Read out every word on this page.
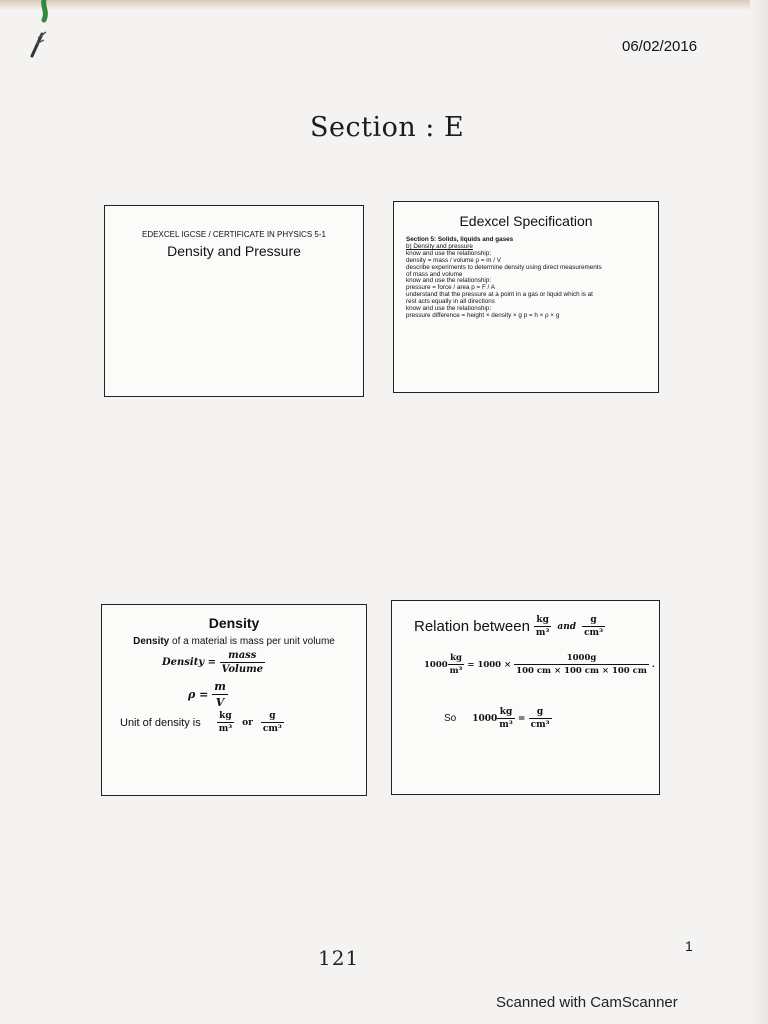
06/02/2016
Section : E
EDEXCEL IGCSE / CERTIFICATE IN PHYSICS 5-1
Density and Pressure
Edexcel Specification
Section 5: Solids, liquids and gases
b) Density and pressure
know and use the relationship:
density = mass / volume ρ = m / V
describe experiments to determine density using direct measurements
of mass and volume
know and use the relationship:
pressure = force / area p = F / A
understand that the pressure at a point in a gas or liquid which is at
rest acts equally in all directions
know and use the relationship:
pressure difference = height × density × g p = h × ρ × g
Density
Density of a material is mass per unit volume
Density =
$\frac{\text{mass}}{\text{Volume}}$
ρ =
$\frac{m}{V}$
Unit of density is $\frac{kg}{\text{m³}}$ or $\frac{g}{\text{cm³}}$
Relation between $\frac{kg}{\text{m³}}$ and $\frac{g}{\text{cm³}}$
$1000 \frac{kg}{\text{m³}}$
= 1000 ×
$\frac{1000g}{100 cm \times 100 cm \times 100 cm}$
.
So $1000 \frac{kg}{\text{m³}}$
=
$\frac{g}{\text{cm³}}$
1
121
Scanned with CamScanner
